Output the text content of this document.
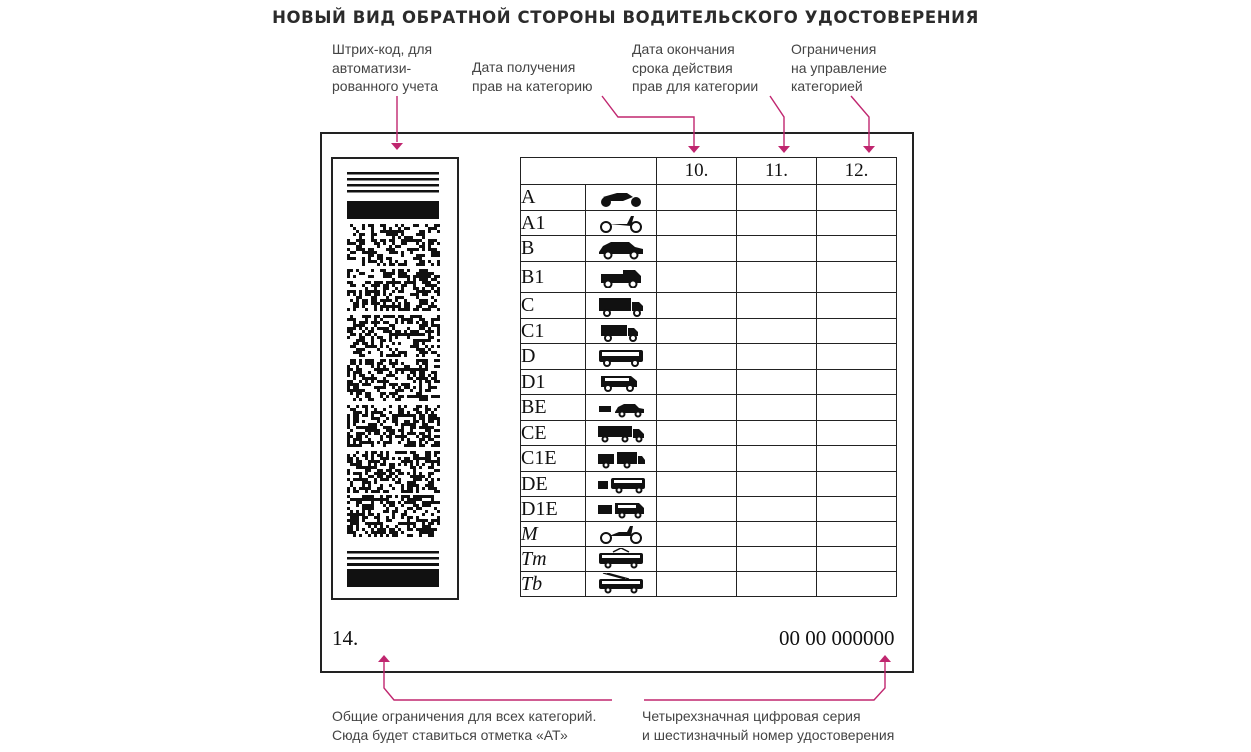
НОВЫЙ ВИД ОБРАТНОЙ СТОРОНЫ ВОДИТЕЛЬСКОГО УДОСТОВЕРЕНИЯ
Штрих-код, для
автоматизи-
рованного учета
Дата получения
прав на категорию
Дата окончания
срока действия
прав для категории
Ограничения
на управление
категорией
Общие ограничения для всех категорий.
Сюда будет ставиться отметка «АТ»
Четырехзначная цифровая серия
и шестизначный номер удостоверения
		10.	11.	12.
A	

A1	

B	

B1	

C	

C1	

D	

D1	

BE	

CE	

C1E	

DE	

D1E	

M	

Tm	

Tb	

14.	00 00 000000
